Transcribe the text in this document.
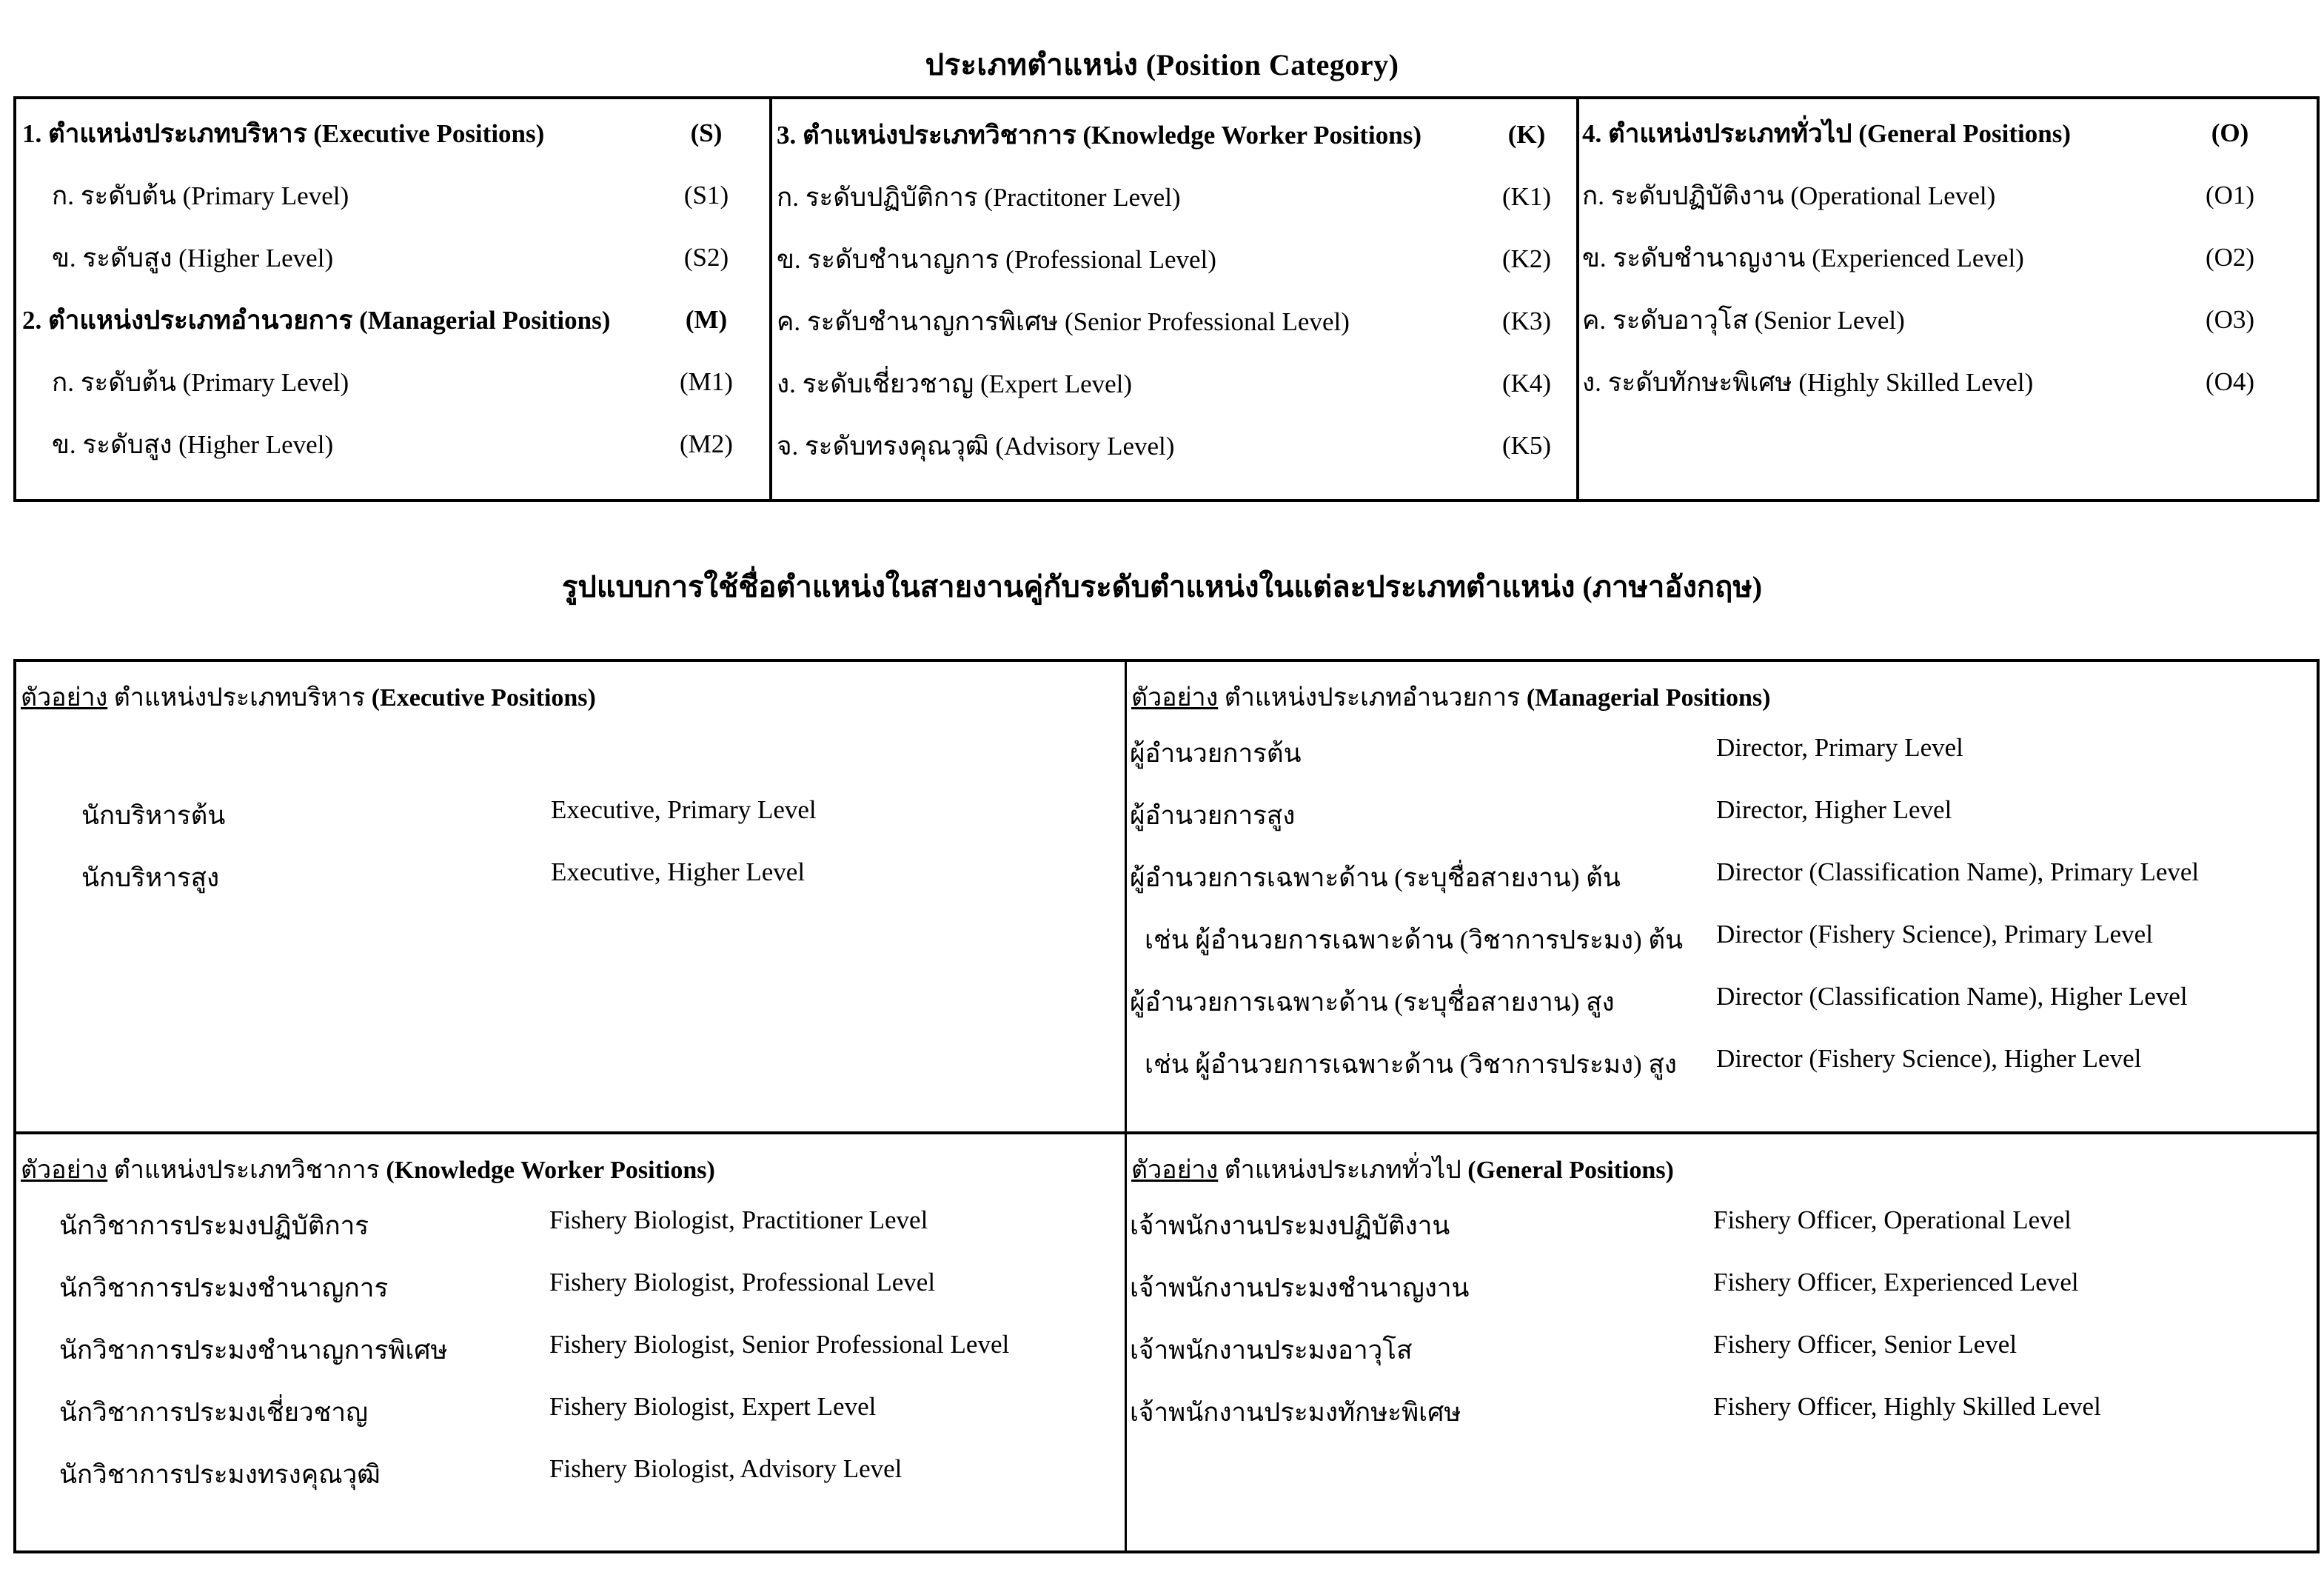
ประเภทตำแหน่ง (Position Category)
1. ตำแหน่งประเภทบริหาร (Executive Positions)	(S)
ก. ระดับต้น (Primary Level)	(S1)
ข. ระดับสูง (Higher Level)	(S2)
2. ตำแหน่งประเภทอำนวยการ (Managerial Positions)	(M)
ก. ระดับต้น (Primary Level)	(M1)
ข. ระดับสูง (Higher Level)	(M2)
3. ตำแหน่งประเภทวิชาการ (Knowledge Worker Positions)	(K)
ก. ระดับปฏิบัติการ (Practitoner Level)	(K1)
ข. ระดับชำนาญการ (Professional Level)	(K2)
ค. ระดับชำนาญการพิเศษ (Senior Professional Level)	(K3)
ง. ระดับเชี่ยวชาญ (Expert Level)	(K4)
จ. ระดับทรงคุณวุฒิ (Advisory Level)	(K5)
4. ตำแหน่งประเภททั่วไป (General Positions)	(O)
ก. ระดับปฏิบัติงาน (Operational Level)	(O1)
ข. ระดับชำนาญงาน (Experienced Level)	(O2)
ค. ระดับอาวุโส (Senior Level)	(O3)
ง. ระดับทักษะพิเศษ (Highly Skilled Level)	(O4)
รูปแบบการใช้ชื่อตำแหน่งในสายงานคู่กับระดับตำแหน่งในแต่ละประเภทตำแหน่ง (ภาษาอังกฤษ)
ตัวอย่าง ตำแหน่งประเภทบริหาร (Executive Positions)
นักบริหารต้น	Executive, Primary Level
นักบริหารสูง	Executive, Higher Level
ตัวอย่าง ตำแหน่งประเภทอำนวยการ (Managerial Positions)
ผู้อำนวยการต้น	Director, Primary Level
ผู้อำนวยการสูง	Director, Higher Level
ผู้อำนวยการเฉพาะด้าน (ระบุชื่อสายงาน) ต้น	Director (Classification Name), Primary Level
เช่น ผู้อำนวยการเฉพาะด้าน (วิชาการประมง) ต้น Director (Fishery Science), Primary Level
ผู้อำนวยการเฉพาะด้าน (ระบุชื่อสายงาน) สูง	Director (Classification Name), Higher Level
เช่น ผู้อำนวยการเฉพาะด้าน (วิชาการประมง) สูง Director (Fishery Science), Higher Level
ตัวอย่าง ตำแหน่งประเภทวิชาการ (Knowledge Worker Positions)
นักวิชาการประมงปฏิบัติการ	Fishery Biologist, Practitioner Level
นักวิชาการประมงชำนาญการ	Fishery Biologist, Professional Level
นักวิชาการประมงชำนาญการพิเศษ	Fishery Biologist, Senior Professional Level
นักวิชาการประมงเชี่ยวชาญ	Fishery Biologist, Expert Level
นักวิชาการประมงทรงคุณวุฒิ	Fishery Biologist, Advisory Level
ตัวอย่าง ตำแหน่งประเภททั่วไป (General Positions)
เจ้าพนักงานประมงปฏิบัติงาน	Fishery Officer, Operational Level
เจ้าพนักงานประมงชำนาญงาน	Fishery Officer, Experienced Level
เจ้าพนักงานประมงอาวุโส	Fishery Officer, Senior Level
เจ้าพนักงานประมงทักษะพิเศษ	Fishery Officer, Highly Skilled Level
